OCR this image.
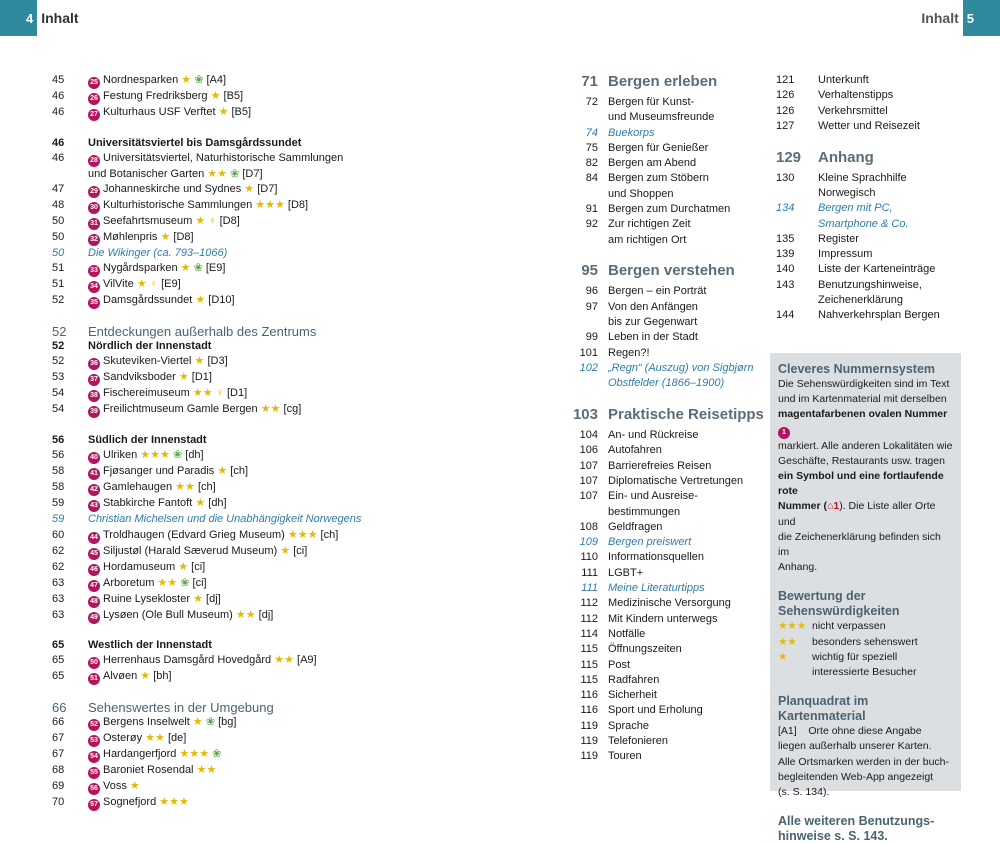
4 Inhalt	Inhalt 5
45	25 Nordnesparken ★ ❀ [A4]
46	26 Festung Fredriksberg ★ [B5]
46	27 Kulturhaus USF Verftet ★ [B5]
46	Universitätsviertel bis Damsgårdssundet
46	28 Universitätsviertel, Naturhistorische Sammlungen
und Botanischer Garten ★★ ❀ [D7]
47	29 Johanneskirche und Sydnes ★ [D7]
48	30 Kulturhistorische Sammlungen ★★★ [D8]
50	31 Seefahrtsmuseum ★ ♀ [D8]
50	32 Møhlenpris ★ [D8]
50	Die Wikinger (ca. 793–1066)
51	33 Nygårdsparken ★ ❀ [E9]
51	34 VilVite ★ ♀ [E9]
52	35 Damsgårdssundet ★ [D10]
52	Entdeckungen außerhalb des Zentrums
52	Nördlich der Innenstadt
52	36 Skuteviken-Viertel ★ [D3]
53	37 Sandviksboder ★ [D1]
54	38 Fischereimuseum ★★ ♀ [D1]
54	39 Freilichtmuseum Gamle Bergen ★★ [cg]
56	Südlich der Innenstadt
56	40 Ulriken ★★★ ❀ [dh]
58	41 Fjøsanger und Paradis ★ [ch]
58	42 Gamlehaugen ★★ [ch]
59	43 Stabkirche Fantoft ★ [dh]
59	Christian Michelsen und die Unabhängigkeit Norwegens
60	44 Troldhaugen (Edvard Grieg Museum) ★★★ [ch]
62	45 Siljustøl (Harald Sæverud Museum) ★ [ci]
62	46 Hordamuseum ★ [ci]
63	47 Arboretum ★★ ❀ [ci]
63	48 Ruine Lysekloster ★ [dj]
63	49 Lysøen (Ole Bull Museum) ★★ [dj]
65	Westlich der Innenstadt
65	50 Herrenhaus Damsgård Hovedgård ★★ [A9]
65	51 Alvøen ★ [bh]
66	Sehenswertes in der Umgebung
66	52 Bergens Inselwelt ★ ❀ [bg]
67	53 Osterøy ★★ [de]
67	54 Hardangerfjord ★★★ ❀
68	55 Baroniet Rosendal ★★
69	56 Voss ★
70	57 Sognefjord ★★★
71 Bergen erleben
72 Bergen für Kunst-
und Museumsfreunde
74 Buekorps
75 Bergen für Genießer
82 Bergen am Abend
84 Bergen zum Stöbern
und Shoppen
91 Bergen zum Durchatmen
92 Zur richtigen Zeit
am richtigen Ort
95 Bergen verstehen
96 Bergen – ein Porträt
97 Von den Anfängen
bis zur Gegenwart
99 Leben in der Stadt
101 Regen?!
102 „Regn“ (Auszug) von Sigbjørn
Obstfelder (1866–1900)
103 Praktische Reisetipps
104 An- und Rückreise
106 Autofahren
107 Barrierefreies Reisen
107 Diplomatische Vertretungen
107 Ein- und Ausreise-
bestimmungen
108 Geldfragen
109 Bergen preiswert
110 Informationsquellen
111 LGBT+
111 Meine Literaturtipps
112 Medizinische Versorgung
112 Mit Kindern unterwegs
114 Notfälle
115 Öffnungszeiten
115 Post
115 Radfahren
116 Sicherheit
116 Sport und Erholung
119 Sprache
119 Telefonieren
119 Touren
121	Unterkunft
126	Verhaltenstipps
126	Verkehrsmittel
127	Wetter und Reisezeit
129	Anhang
130	Kleine Sprachhilfe
Norwegisch
134	Bergen mit PC,
Smartphone & Co.
135	Register
139	Impressum
140	Liste der Karteneinträge
143	Benutzungshinweise,
Zeichenerklärung
144	Nahverkehrsplan Bergen
Cleveres Nummernsystem
Die Sehenswürdigkeiten sind im Text
und im Kartenmaterial mit derselben
magentafarbenen ovalen Nummer 1
markiert. Alle anderen Lokalitäten wie
Geschäfte, Restaurants usw. tragen
ein Symbol und eine fortlaufende rote
Nummer (⌂1). Die Liste aller Orte und
die Zeichenerklärung befinden sich im
Anhang.
Bewertung der
Sehenswürdigkeiten
★★★ nicht verpassen
★★	besonders sehenswert
★	wichtig für speziell
interessierte Besucher
Planquadrat im Kartenmaterial
[A1] Orte ohne diese Angabe
liegen außerhalb unserer Karten.
Alle Ortsmarken werden in der buch-
begleitenden Web-App angezeigt
(s. S. 134).
Alle weiteren Benutzungs-
hinweise s. S. 143.
